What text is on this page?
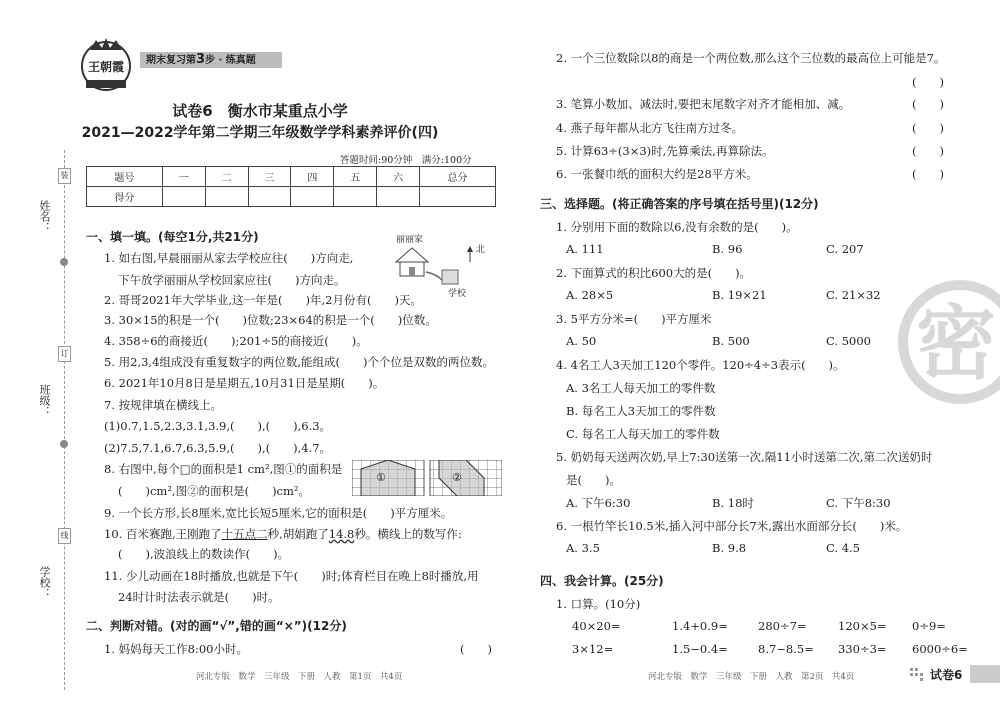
装
订
线
姓名：
班级：
学校：
王朝霞	期末复习第3步 · 练真题
试卷6　衡水市某重点小学
2021—2022学年第二学期三年级数学学科素养评价(四)
答题时间:90分钟　满分:100分
题号	一	二	三	四	五	六	总分
得分							
一、填一填。(每空1分,共21分)	丽丽家
北
学校
1. 如右图,早晨丽丽从家去学校应往(　　)方向走,
下午放学丽丽从学校回家应往(　　)方向走。
2. 哥哥2021年大学毕业,这一年是(　　)年,2月份有(　　)天。
3. 30×15的积是一个(　　)位数;23×64的积是一个(　　)位数。
4. 358÷6的商接近(　　);201÷5的商接近(　　)。
5. 用2,3,4组成没有重复数字的两位数,能组成(　　)个个位是双数的两位数。
6. 2021年10月8日是星期五,10月31日是星期(　　)。
7. 按规律填在横线上。
(1)0.7,1.5,2.3,3.1,3.9,(　　),(　　),6.3。
(2)7.5,7.1,6.7,6.3,5.9,(　　),(　　),4.7。
8. 右图中,每个□的面积是1 cm²,图①的面积是
(　　)cm²,图②的面积是(　　)cm²。
①	②
9. 一个长方形,长8厘米,宽比长短5厘米,它的面积是(　　)平方厘米。
10. 百米赛跑,王刚跑了十五点二秒,胡娟跑了14.8秒。横线上的数写作:
(　　),波浪线上的数读作(　　)。
11. 少儿动画在18时播放,也就是下午(　　)时;体育栏目在晚上8时播放,用
24时计时法表示就是(　　)时。
二、判断对错。(对的画“√”,错的画“×”)(12分)
1. 妈妈每天工作8:00小时。	(　　)
河北专版　数学　三年级　下册　人教　第1页　共4页
2. 一个三位数除以8的商是一个两位数,那么这个三位数的最高位上可能是7。
(　　)
3. 笔算小数加、减法时,要把末尾数字对齐才能相加、减。	(　　)
4. 燕子每年都从北方飞往南方过冬。	(　　)
5. 计算63÷(3×3)时,先算乘法,再算除法。	(　　)
6. 一张餐巾纸的面积大约是28平方米。	(　　)
三、选择题。(将正确答案的序号填在括号里)(12分)
1. 分别用下面的数除以6,没有余数的是(　　)。
A. 111	B. 96	C. 207
2. 下面算式的积比600大的是(　　)。
A. 28×5	B. 19×21	C. 21×32
3. 5平方分米=(　　)平方厘米
A. 50	B. 500	C. 5000
4. 4名工人3天加工120个零件。120÷4÷3表示(　　)。
A. 3名工人每天加工的零件数
B. 每名工人3天加工的零件数
C. 每名工人每天加工的零件数
5. 奶奶每天送两次奶,早上7:30送第一次,隔11小时送第二次,第二次送奶时
是(　　)。
A. 下午6:30	B. 18时	C. 下午8:30
6. 一根竹竿长10.5米,插入河中部分长7米,露出水面部分长(　　)米。
A. 3.5	B. 9.8	C. 4.5
四、我会计算。(25分)
1. 口算。(10分)
40×20=	1.4+0.9=	280÷7=	120×5= 0÷9=
3×12=	1.5−0.4=	8.7−8.5= 330÷3= 6000÷6=
密
河北专版　数学　三年级　下册　人教　第2页　共4页	试卷6
